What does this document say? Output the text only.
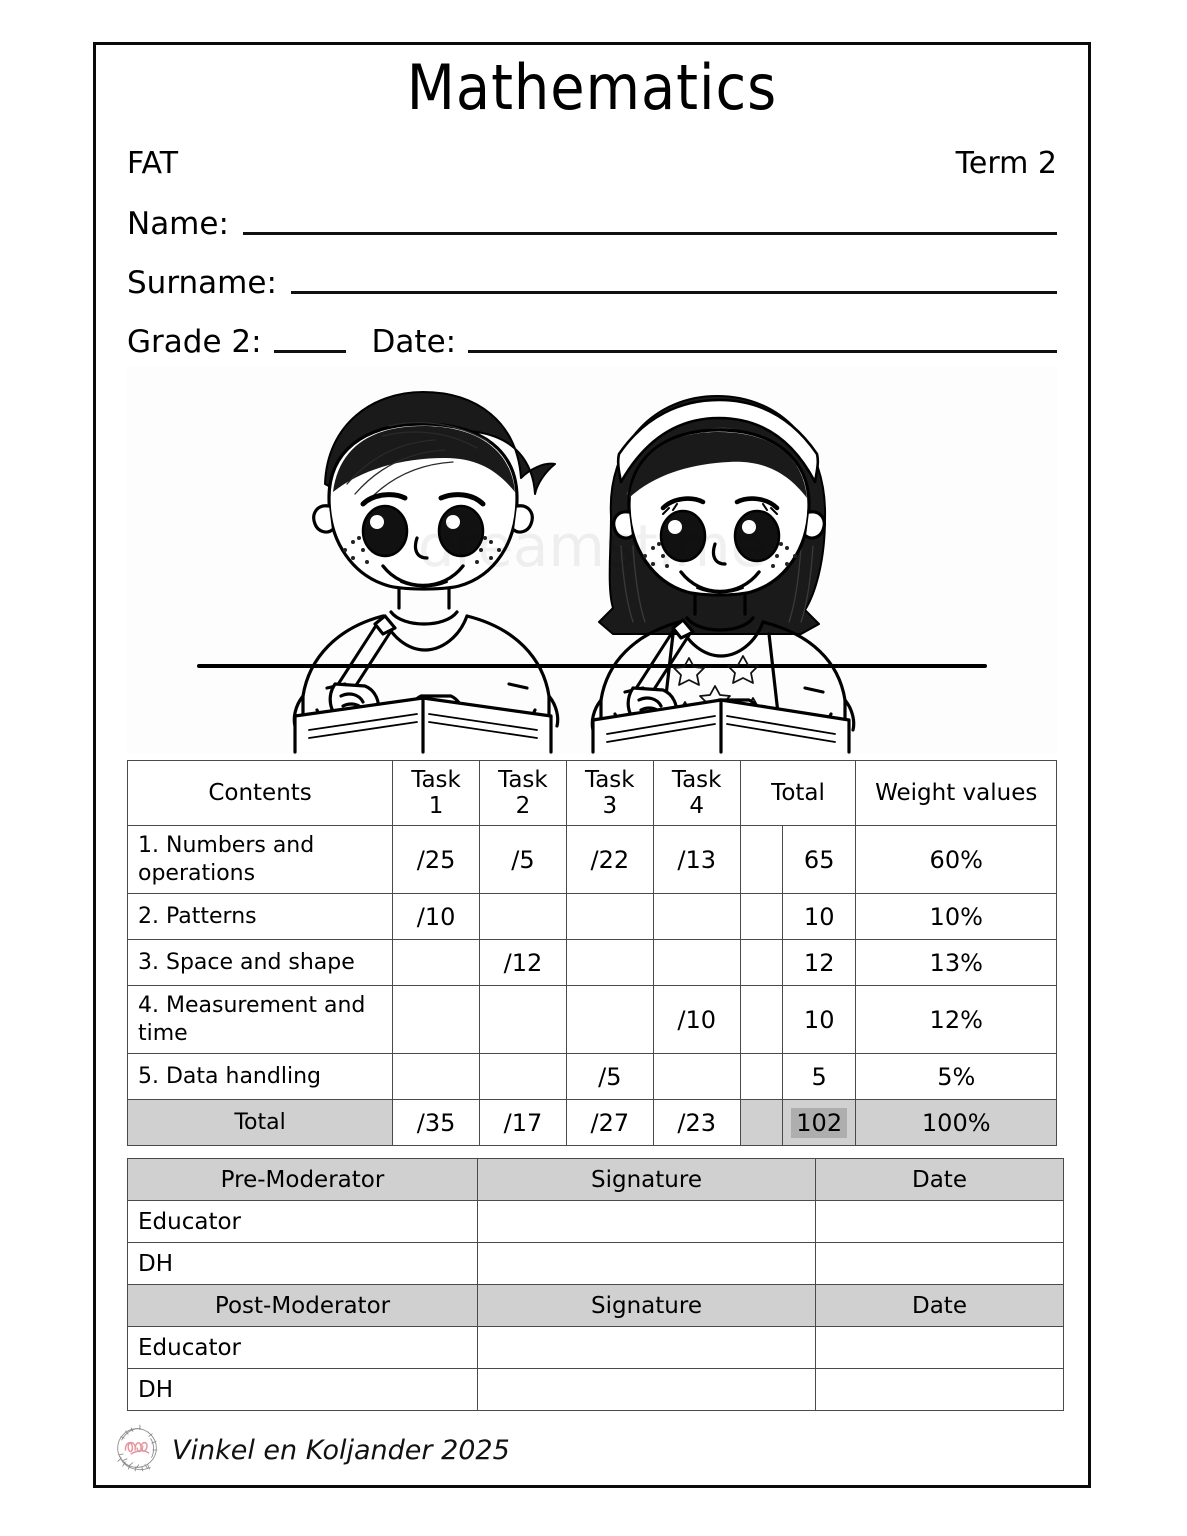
Mathematics
FAT	Term 2
Name:
Surname:
Grade 2:	Date:
dreamstime
Contents	Task 1	Task 2	Task 3	Task 4	Total		Weight values
1. Numbers and operations	/25	/5	/22	/13		65	60%
2. Patterns	/10					10	10%
3. Space and shape		/12				12	13%
4. Measurement and time				/10		10	12%
5. Data handling			/5			5	5%
Total	/35	/17	/27	/23		102	100%
Pre-Moderator	Signature	Date
Educator		
DH		
Post-Moderator	Signature	Date
Educator		
DH		
Vinkel en Koljander 2025
